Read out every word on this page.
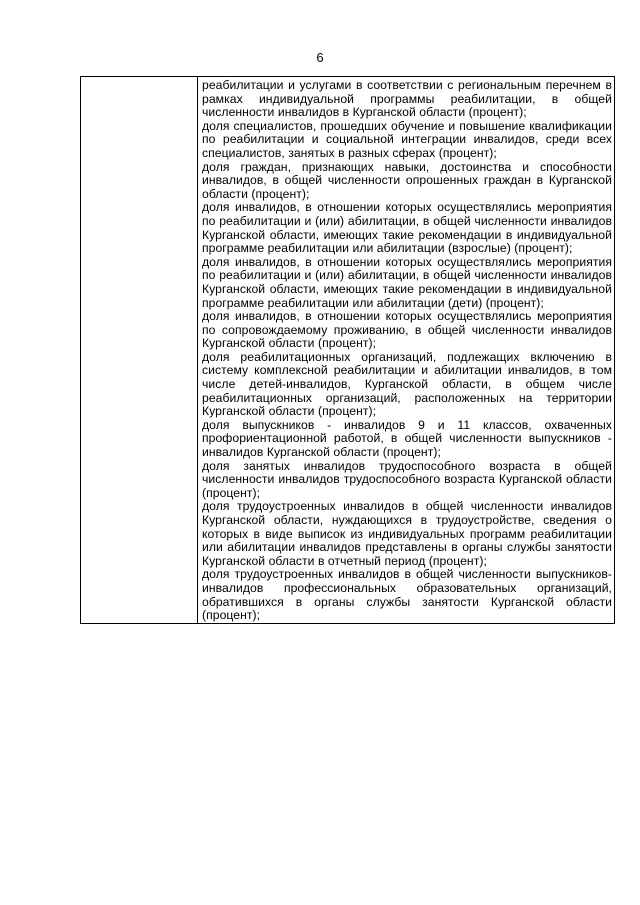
6

реабилитации и услугами в соответствии с региональным перечнем в рамках индивидуальной программы реабилитации, в общей численности инвалидов в Курганской области (процент);
доля специалистов, прошедших обучение и повышение квалификации по реабилитации и социальной интеграции инвалидов, среди всех специалистов, занятых в разных сферах (процент);
доля граждан, признающих навыки, достоинства и способности инвалидов, в общей численности опрошенных граждан в Курганской области (процент);
доля инвалидов, в отношении которых осуществлялись мероприятия по реабилитации и (или) абилитации, в общей численности инвалидов Курганской области, имеющих такие рекомендации в индивидуальной программе реабилитации или абилитации (взрослые) (процент);
доля инвалидов, в отношении которых осуществлялись мероприятия по реабилитации и (или) абилитации, в общей численности инвалидов Курганской области, имеющих такие рекомендации в индивидуальной программе реабилитации или абилитации (дети) (процент);
доля инвалидов, в отношении которых осуществлялись мероприятия по сопровождаемому проживанию, в общей численности инвалидов Курганской области (процент);
доля реабилитационных организаций, подлежащих включению в систему комплексной реабилитации и абилитации инвалидов, в том числе детей-инвалидов, Курганской области, в общем числе реабилитационных организаций, расположенных на территории Курганской области (процент);
доля выпускников - инвалидов 9 и 11 классов, охваченных профориентационной работой, в общей численности выпускников - инвалидов Курганской области (процент);
доля занятых инвалидов трудоспособного возраста в общей численности инвалидов трудоспособного возраста Курганской области (процент);
доля трудоустроенных инвалидов в общей численности инвалидов Курганской области, нуждающихся в трудоустройстве, сведения о которых в виде выписок из индивидуальных программ реабилитации или абилитации инвалидов представлены в органы службы занятости Курганской области в отчетный период (процент);
доля трудоустроенных инвалидов в общей численности выпускников-инвалидов профессиональных образовательных организаций, обратившихся в органы службы занятости Курганской области (процент);
